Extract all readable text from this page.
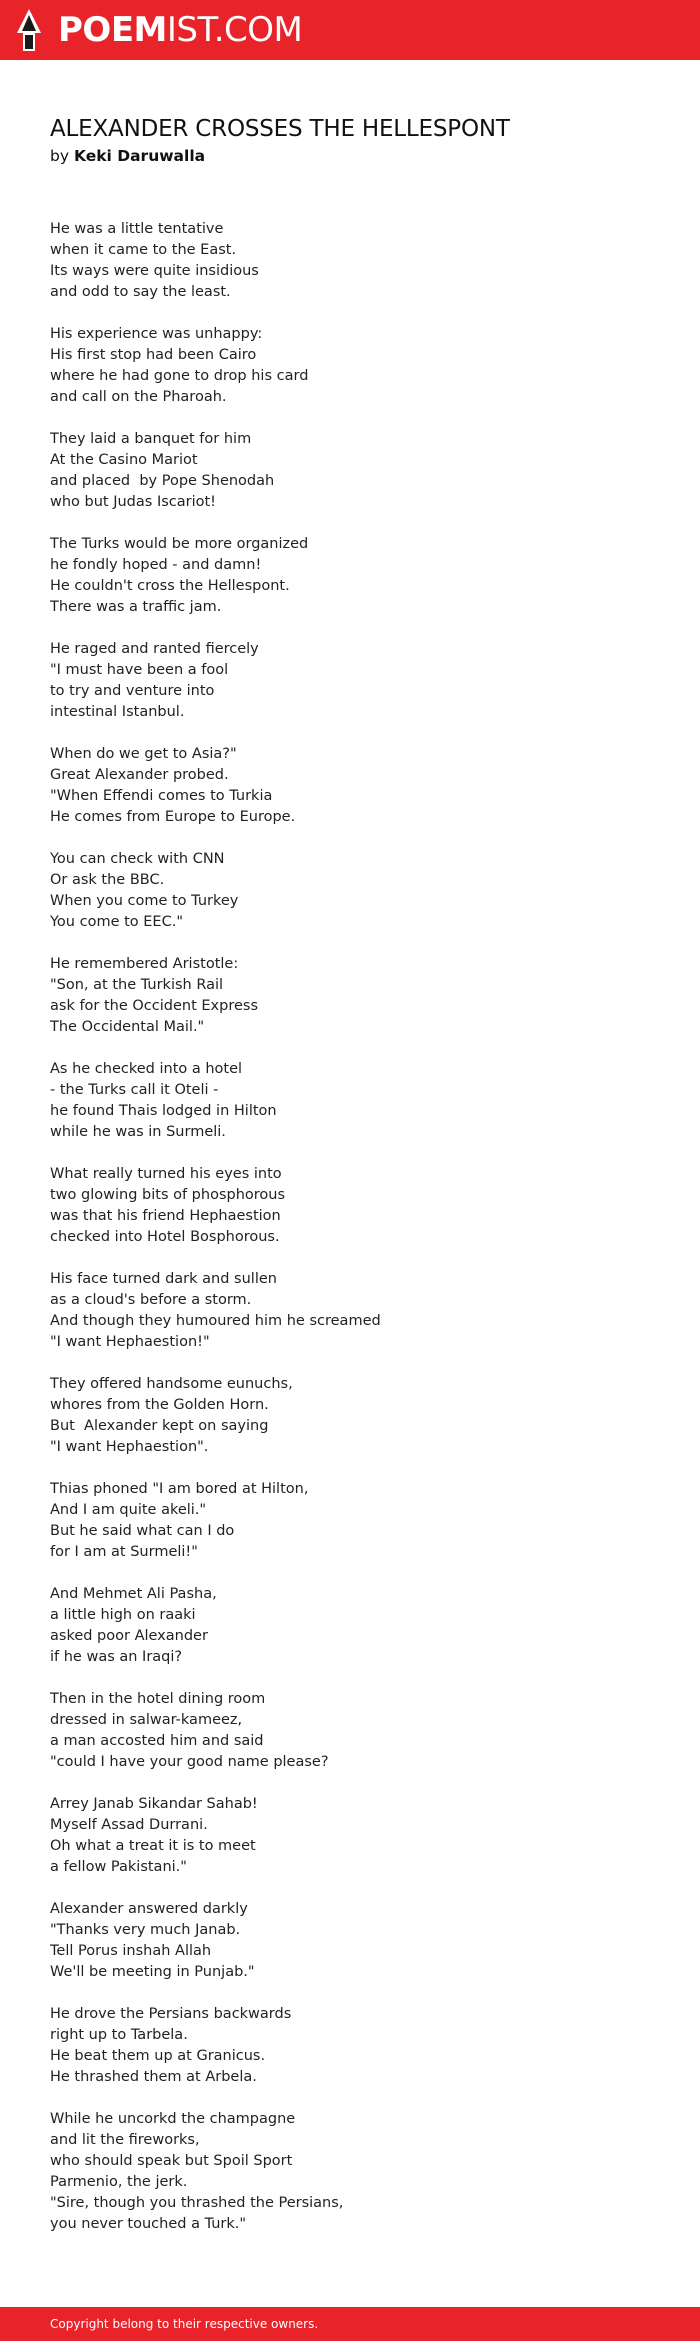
POEMIST.COM
ALEXANDER CROSSES THE HELLESPONT
by Keki Daruwalla
He was a little tentative
when it came to the East.
Its ways were quite insidious
and odd to say the least.
His experience was unhappy:
His first stop had been Cairo
where he had gone to drop his card
and call on the Pharoah.
They laid a banquet for him
At the Casino Mariot
and placed  by Pope Shenodah
who but Judas Iscariot!
The Turks would be more organized
he fondly hoped - and damn!
He couldn't cross the Hellespont.
There was a traffic jam.
He raged and ranted fiercely
"I must have been a fool
to try and venture into
intestinal Istanbul.
When do we get to Asia?"
Great Alexander probed.
"When Effendi comes to Turkia
He comes from Europe to Europe.
You can check with CNN
Or ask the BBC.
When you come to Turkey
You come to EEC."
He remembered Aristotle:
"Son, at the Turkish Rail
ask for the Occident Express
The Occidental Mail."
As he checked into a hotel
- the Turks call it Oteli -
he found Thais lodged in Hilton
while he was in Surmeli.
What really turned his eyes into
two glowing bits of phosphorous
was that his friend Hephaestion
checked into Hotel Bosphorous.
His face turned dark and sullen
as a cloud's before a storm.
And though they humoured him he screamed
"I want Hephaestion!"
They offered handsome eunuchs,
whores from the Golden Horn.
But  Alexander kept on saying
"I want Hephaestion".
Thias phoned "I am bored at Hilton,
And I am quite akeli."
But he said what can I do
for I am at Surmeli!"
And Mehmet Ali Pasha,
a little high on raaki
asked poor Alexander
if he was an Iraqi?
Then in the hotel dining room
dressed in salwar-kameez,
a man accosted him and said
"could I have your good name please?
Arrey Janab Sikandar Sahab!
Myself Assad Durrani.
Oh what a treat it is to meet
a fellow Pakistani."
Alexander answered darkly
"Thanks very much Janab.
Tell Porus inshah Allah
We'll be meeting in Punjab."
He drove the Persians backwards
right up to Tarbela.
He beat them up at Granicus.
He thrashed them at Arbela.
While he uncorkd the champagne
and lit the fireworks,
who should speak but Spoil Sport
Parmenio, the jerk.
"Sire, though you thrashed the Persians,
you never touched a Turk."
Copyright belong to their respective owners.
